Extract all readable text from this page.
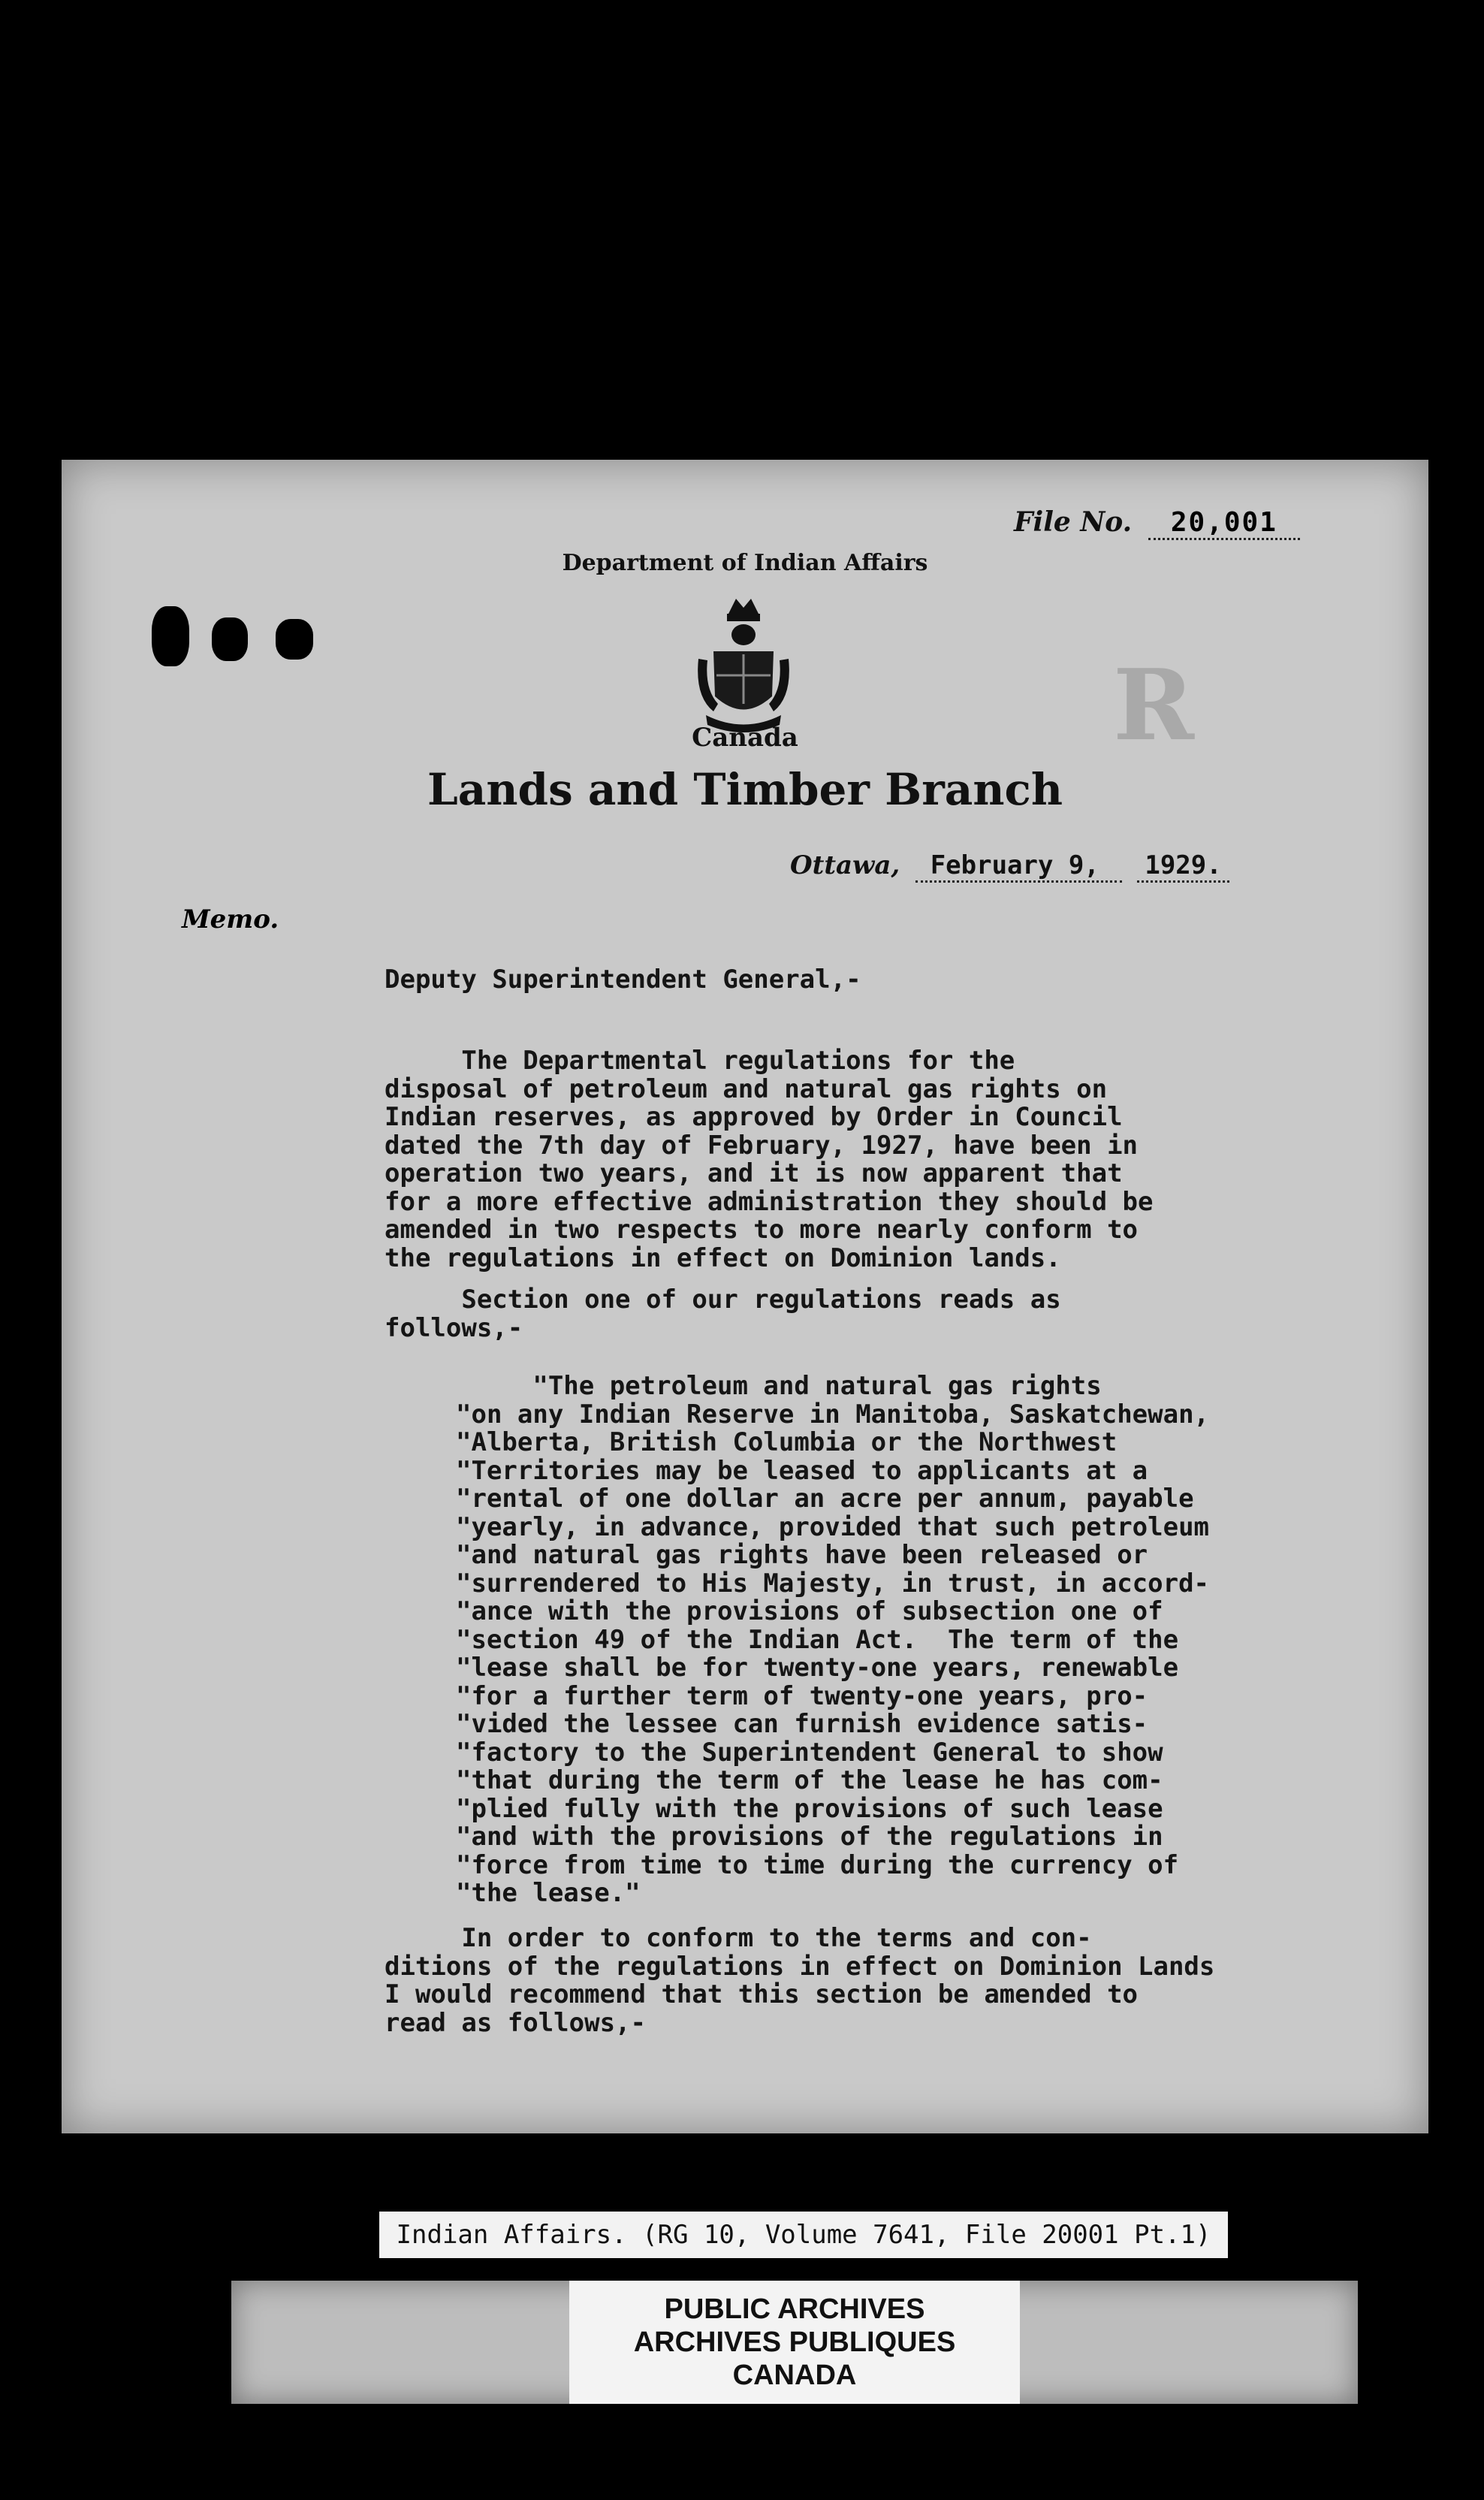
File No. 20,001
Department of Indian Affairs
Canada
Lands and Timber Branch
R
Ottawa, February 9, 1929.
Memo.
Deputy Superintendent General,-
The Departmental regulations for the
disposal of petroleum and natural gas rights on
Indian reserves, as approved by Order in Council
dated the 7th day of February, 1927, have been in
operation two years, and it is now apparent that
for a more effective administration they should be
amended in two respects to more nearly conform to
the regulations in effect on Dominion lands.
Section one of our regulations reads as
follows,-
"The petroleum and natural gas rights
"on any Indian Reserve in Manitoba, Saskatchewan,
"Alberta, British Columbia or the Northwest
"Territories may be leased to applicants at a
"rental of one dollar an acre per annum, payable
"yearly, in advance, provided that such petroleum
"and natural gas rights have been released or
"surrendered to His Majesty, in trust, in accord-
"ance with the provisions of subsection one of
"section 49 of the Indian Act.  The term of the
"lease shall be for twenty-one years, renewable
"for a further term of twenty-one years, pro-
"vided the lessee can furnish evidence satis-
"factory to the Superintendent General to show
"that during the term of the lease he has com-
"plied fully with the provisions of such lease
"and with the provisions of the regulations in
"force from time to time during the currency of
"the lease."
In order to conform to the terms and con-
ditions of the regulations in effect on Dominion Lands
I would recommend that this section be amended to
read as follows,-
Indian Affairs. (RG 10, Volume 7641, File 20001 Pt.1)
PUBLIC ARCHIVES
ARCHIVES PUBLIQUES
CANADA
